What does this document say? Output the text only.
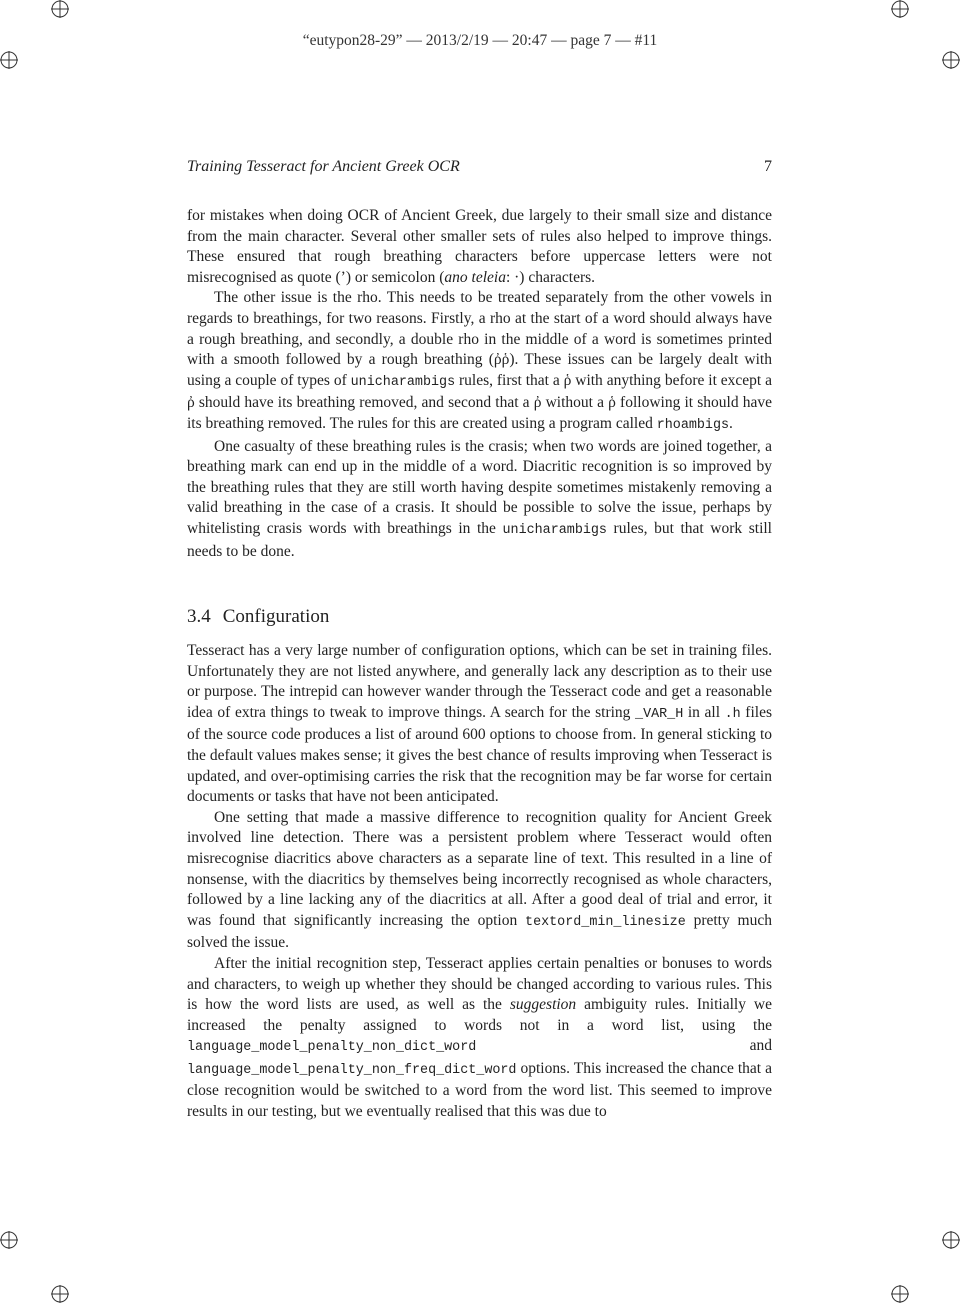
“eutypon28-29” — 2013/2/19 — 20:47 — page 7 — #11
Training Tesseract for Ancient Greek OCR	7

for mistakes when doing OCR of Ancient Greek, due largely to their small size and distance from the main character. Several other smaller sets of rules also helped to improve things. These ensured that rough breathing characters before uppercase letters were not misrecognised as quote (’) or semicolon (ano teleia: ·) characters.

The other issue is the rho. This needs to be treated separately from the other vowels in regards to breathings, for two reasons. Firstly, a rho at the start of a word should always have a rough breathing, and secondly, a double rho in the middle of a word is sometimes printed with a smooth followed by a rough breathing (ῤῥ). These issues can be largely dealt with using a couple of types of unicharambigs rules, first that a ῥ with anything before it except a ῤ should have its breathing removed, and second that a ῤ without a ῥ following it should have its breathing removed. The rules for this are created using a program called rhoambigs.

One casualty of these breathing rules is the crasis; when two words are joined together, a breathing mark can end up in the middle of a word. Diacritic recognition is so improved by the breathing rules that they are still worth having despite sometimes mistakenly removing a valid breathing in the case of a crasis. It should be possible to solve the issue, perhaps by whitelisting crasis words with breathings in the unicharambigs rules, but that work still needs to be done.

3.4 Configuration

Tesseract has a very large number of configuration options, which can be set in training files. Unfortunately they are not listed anywhere, and generally lack any description as to their use or purpose. The intrepid can however wander through the Tesseract code and get a reasonable idea of extra things to tweak to improve things. A search for the string _VAR_H in all .h files of the source code produces a list of around 600 options to choose from. In general sticking to the default values makes sense; it gives the best chance of results improving when Tesseract is updated, and over-optimising carries the risk that the recognition may be far worse for certain documents or tasks that have not been anticipated.

One setting that made a massive difference to recognition quality for Ancient Greek involved line detection. There was a persistent problem where Tesseract would often misrecognise diacritics above characters as a separate line of text. This resulted in a line of nonsense, with the diacritics by themselves being incorrectly recognised as whole characters, followed by a line lacking any of the diacritics at all. After a good deal of trial and error, it was found that significantly increasing the option textord_min_linesize pretty much solved the issue.

After the initial recognition step, Tesseract applies certain penalties or bonuses to words and characters, to weigh up whether they should be changed according to various rules. This is how the word lists are used, as well as the suggestion ambiguity rules. Initially we increased the penalty assigned to words not in a word list, using the language_model_penalty_non_dict_word and language_model_penalty_non_freq_dict_word options. This increased the chance that a close recognition would be switched to a word from the word list. This seemed to improve results in our testing, but we eventually realised that this was due to
